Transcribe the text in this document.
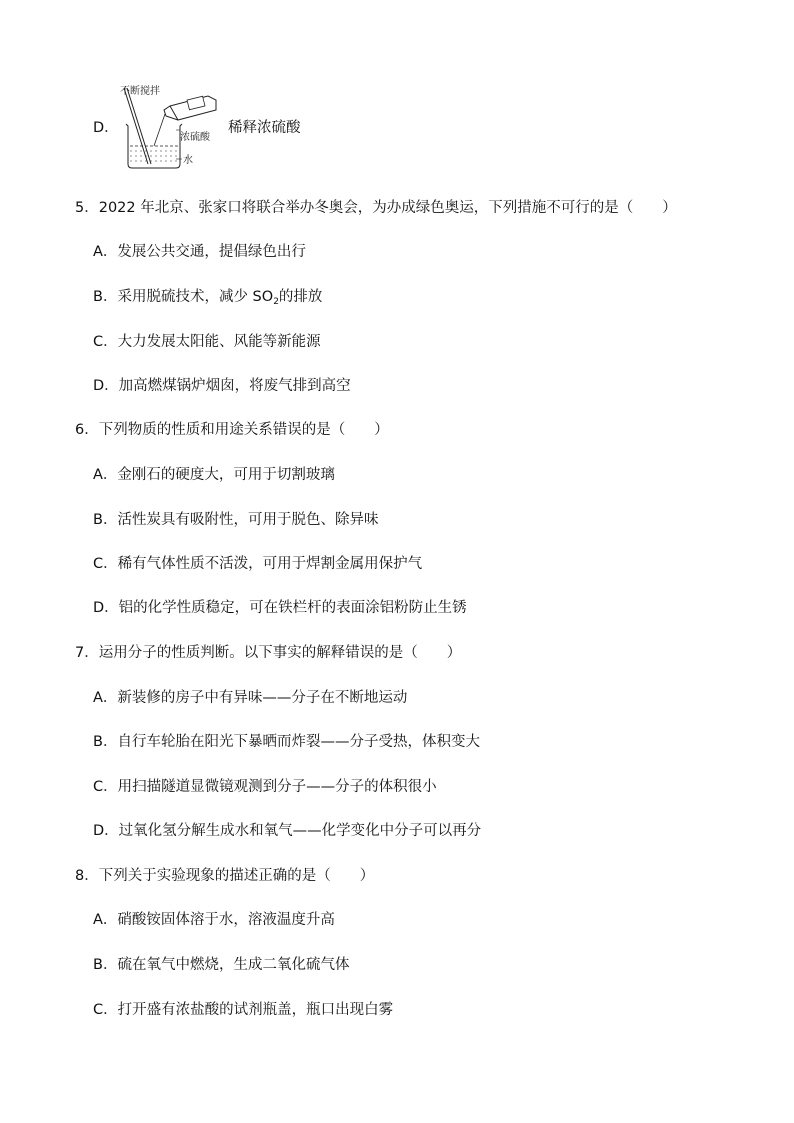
D．
不断搅拌
浓硫酸
水
稀释浓硫酸
5．2022 年北京、张家口将联合举办冬奥会，为办成绿色奥运，下列措施不可行的是（　　）
A．发展公共交通，提倡绿色出行
B．采用脱硫技术，减少 $SO_2$的排放
C．大力发展太阳能、风能等新能源
D．加高燃煤锅炉烟囱，将废气排到高空
6．下列物质的性质和用途关系错误的是（　　）
A．金刚石的硬度大，可用于切割玻璃
B．活性炭具有吸附性，可用于脱色、除异味
C．稀有气体性质不活泼，可用于焊割金属用保护气
D．铝的化学性质稳定，可在铁栏杆的表面涂铝粉防止生锈
7．运用分子的性质判断。以下事实的解释错误的是（　　）
A．新装修的房子中有异味——分子在不断地运动
B．自行车轮胎在阳光下暴晒而炸裂——分子受热，体积变大
C．用扫描隧道显微镜观测到分子——分子的体积很小
D．过氧化氢分解生成水和氧气——化学变化中分子可以再分
8．下列关于实验现象的描述正确的是（　　）
A．硝酸铵固体溶于水，溶液温度升高
B．硫在氧气中燃烧，生成二氧化硫气体
C．打开盛有浓盐酸的试剂瓶盖，瓶口出现白雾
